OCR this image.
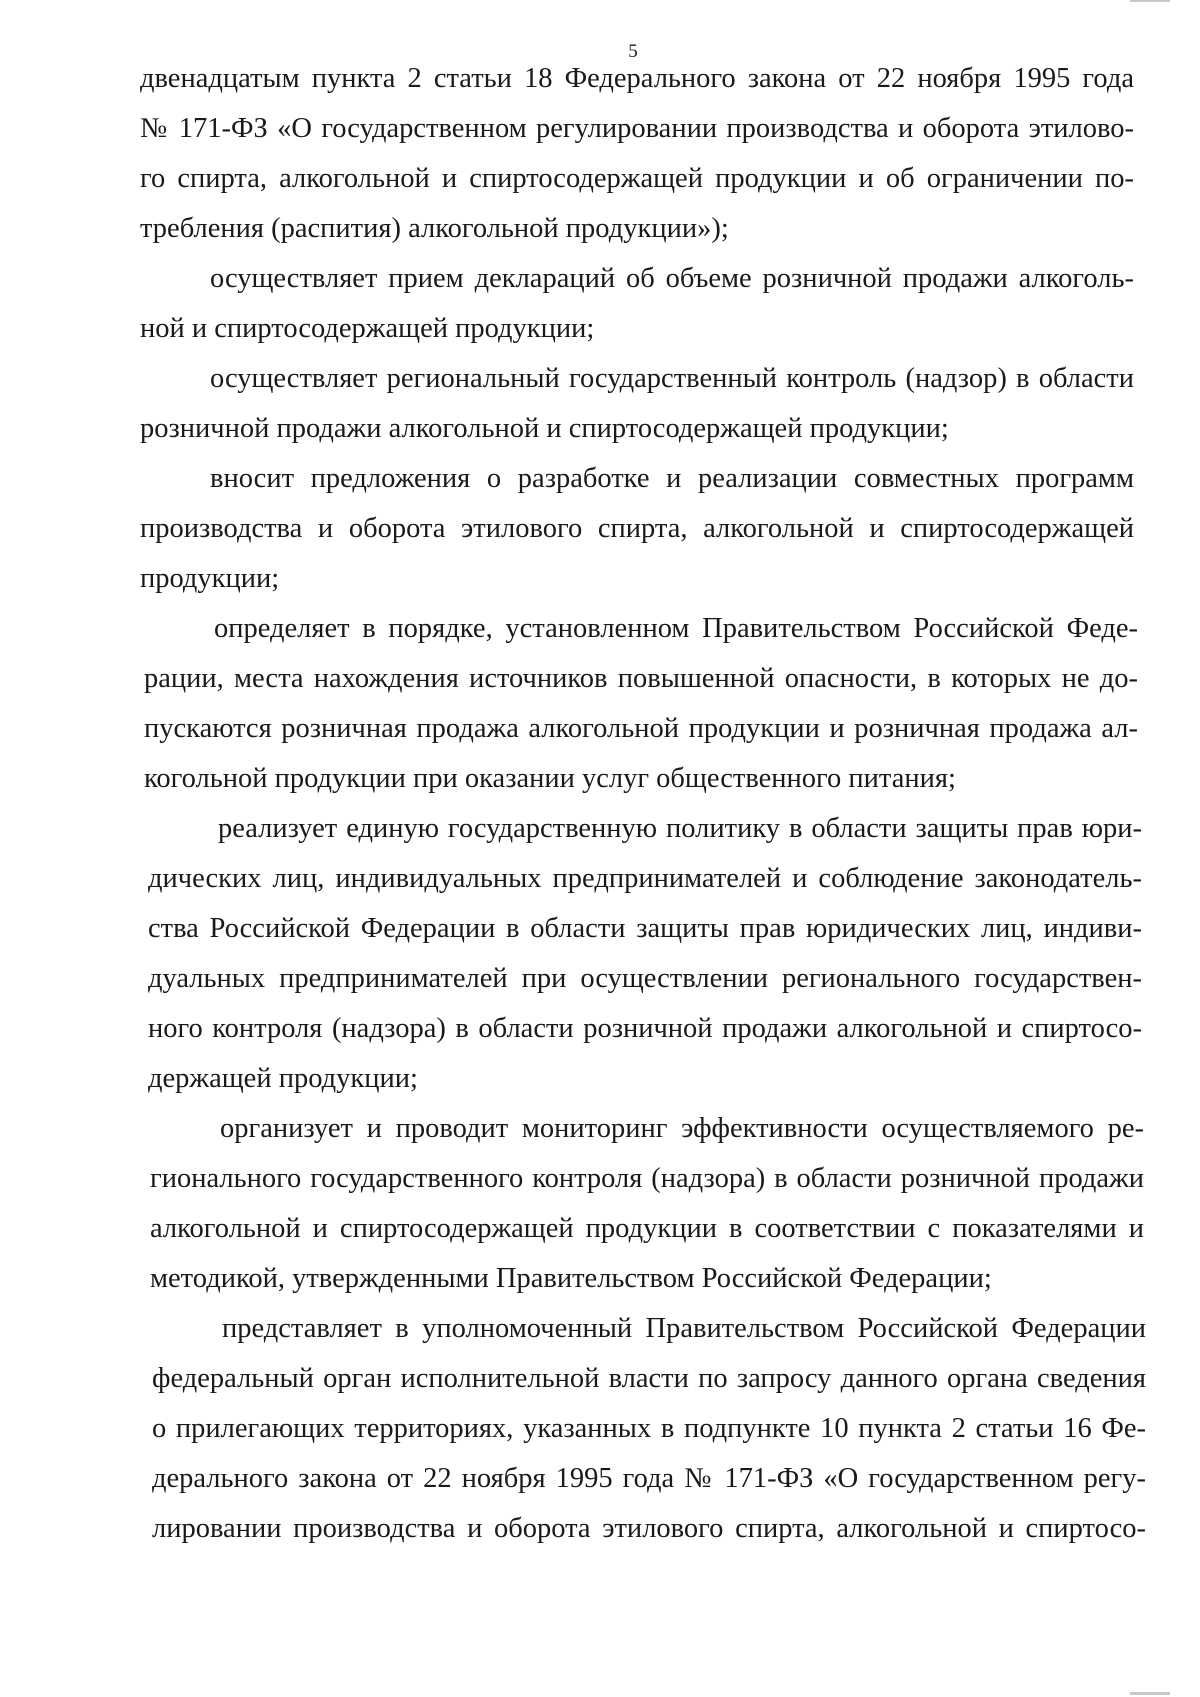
5
двенадцатым пункта 2 статьи 18 Федерального закона от 22 ноября 1995 года
№ 171-ФЗ «О государственном регулировании производства и оборота этилово-
го спирта, алкогольной и спиртосодержащей продукции и об ограничении по-
требления (распития) алкогольной продукции»);
осуществляет прием деклараций об объеме розничной продажи алкоголь-
ной и спиртосодержащей продукции;
осуществляет региональный государственный контроль (надзор) в области
розничной продажи алкогольной и спиртосодержащей продукции;
вносит предложения о разработке и реализации совместных программ
производства и оборота этилового спирта, алкогольной и спиртосодержащей
продукции;
определяет в порядке, установленном Правительством Российской Феде-
рации, места нахождения источников повышенной опасности, в которых не до-
пускаются розничная продажа алкогольной продукции и розничная продажа ал-
когольной продукции при оказании услуг общественного питания;
реализует единую государственную политику в области защиты прав юри-
дических лиц, индивидуальных предпринимателей и соблюдение законодатель-
ства Российской Федерации в области защиты прав юридических лиц, индиви-
дуальных предпринимателей при осуществлении регионального государствен-
ного контроля (надзора) в области розничной продажи алкогольной и спиртосо-
держащей продукции;
организует и проводит мониторинг эффективности осуществляемого ре-
гионального государственного контроля (надзора) в области розничной продажи
алкогольной и спиртосодержащей продукции в соответствии с показателями и
методикой, утвержденными Правительством Российской Федерации;
представляет в уполномоченный Правительством Российской Федерации
федеральный орган исполнительной власти по запросу данного органа сведения
о прилегающих территориях, указанных в подпункте 10 пункта 2 статьи 16 Фе-
дерального закона от 22 ноября 1995 года № 171-ФЗ «О государственном регу-
лировании производства и оборота этилового спирта, алкогольной и спиртосо-
